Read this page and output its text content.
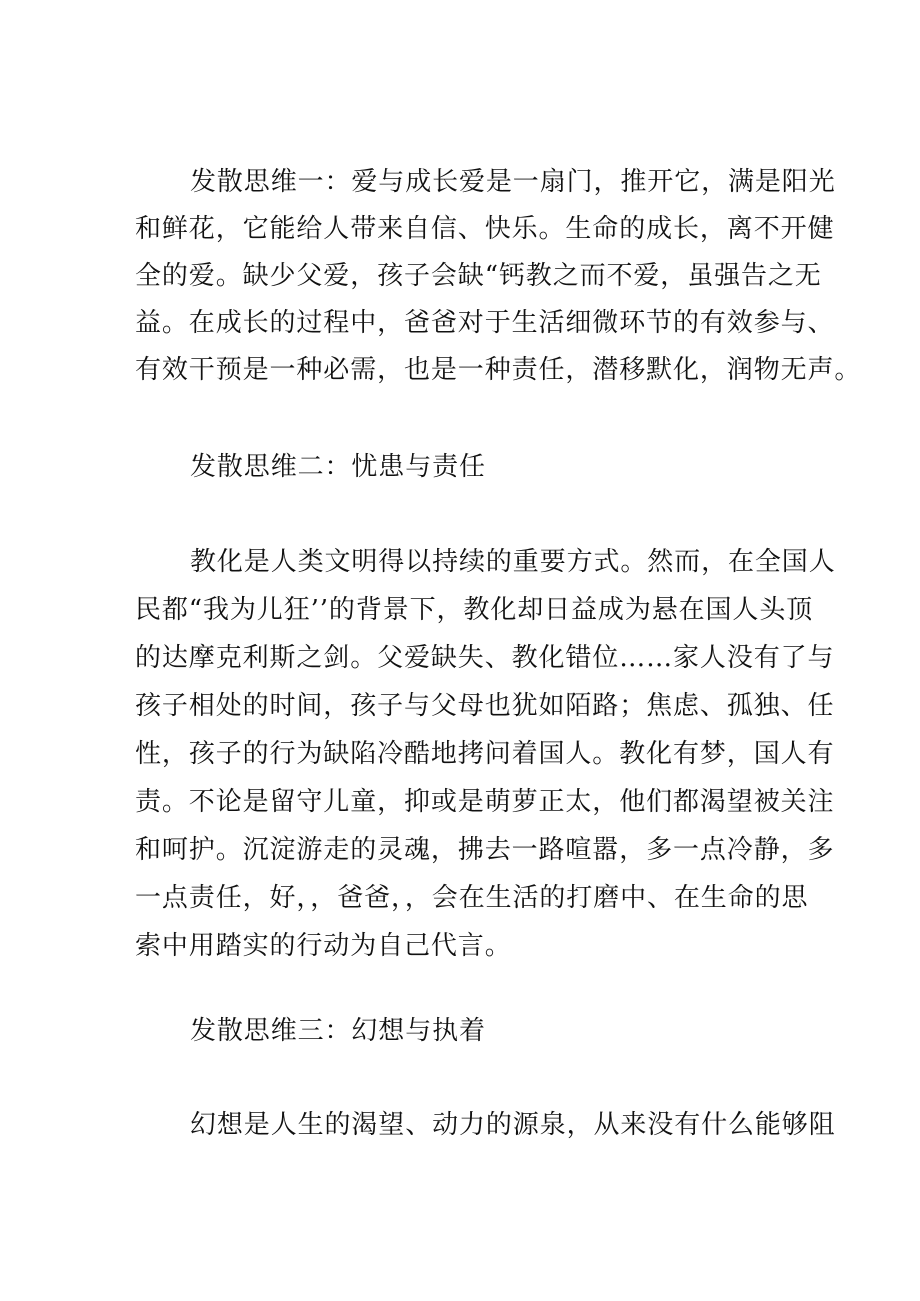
发散思维一：爱与成长爱是一扇门，推开它，满是阳光
和鲜花，它能给人带来自信、快乐。生命的成长，离不开健
全的爱。缺少父爱，孩子会缺“钙教之而不爱，虽强告之无
益。在成长的过程中，爸爸对于生活细微环节的有效参与、
有效干预是一种必需，也是一种责任，潜移默化，润物无声。
发散思维二：忧患与责任
教化是人类文明得以持续的重要方式。然而，在全国人
民都“我为儿狂’’的背景下，教化却日益成为悬在国人头顶
的达摩克利斯之剑。父爱缺失、教化错位……家人没有了与
孩子相处的时间，孩子与父母也犹如陌路；焦虑、孤独、任
性，孩子的行为缺陷冷酷地拷问着国人。教化有梦，国人有
责。不论是留守儿童，抑或是萌萝正太，他们都渴望被关注
和呵护。沉淀游走的灵魂，拂去一路喧嚣，多一点冷静，多
一点责任，好，，爸爸，，会在生活的打磨中、在生命的思
索中用踏实的行动为自己代言。
发散思维三：幻想与执着
幻想是人生的渴望、动力的源泉，从来没有什么能够阻
